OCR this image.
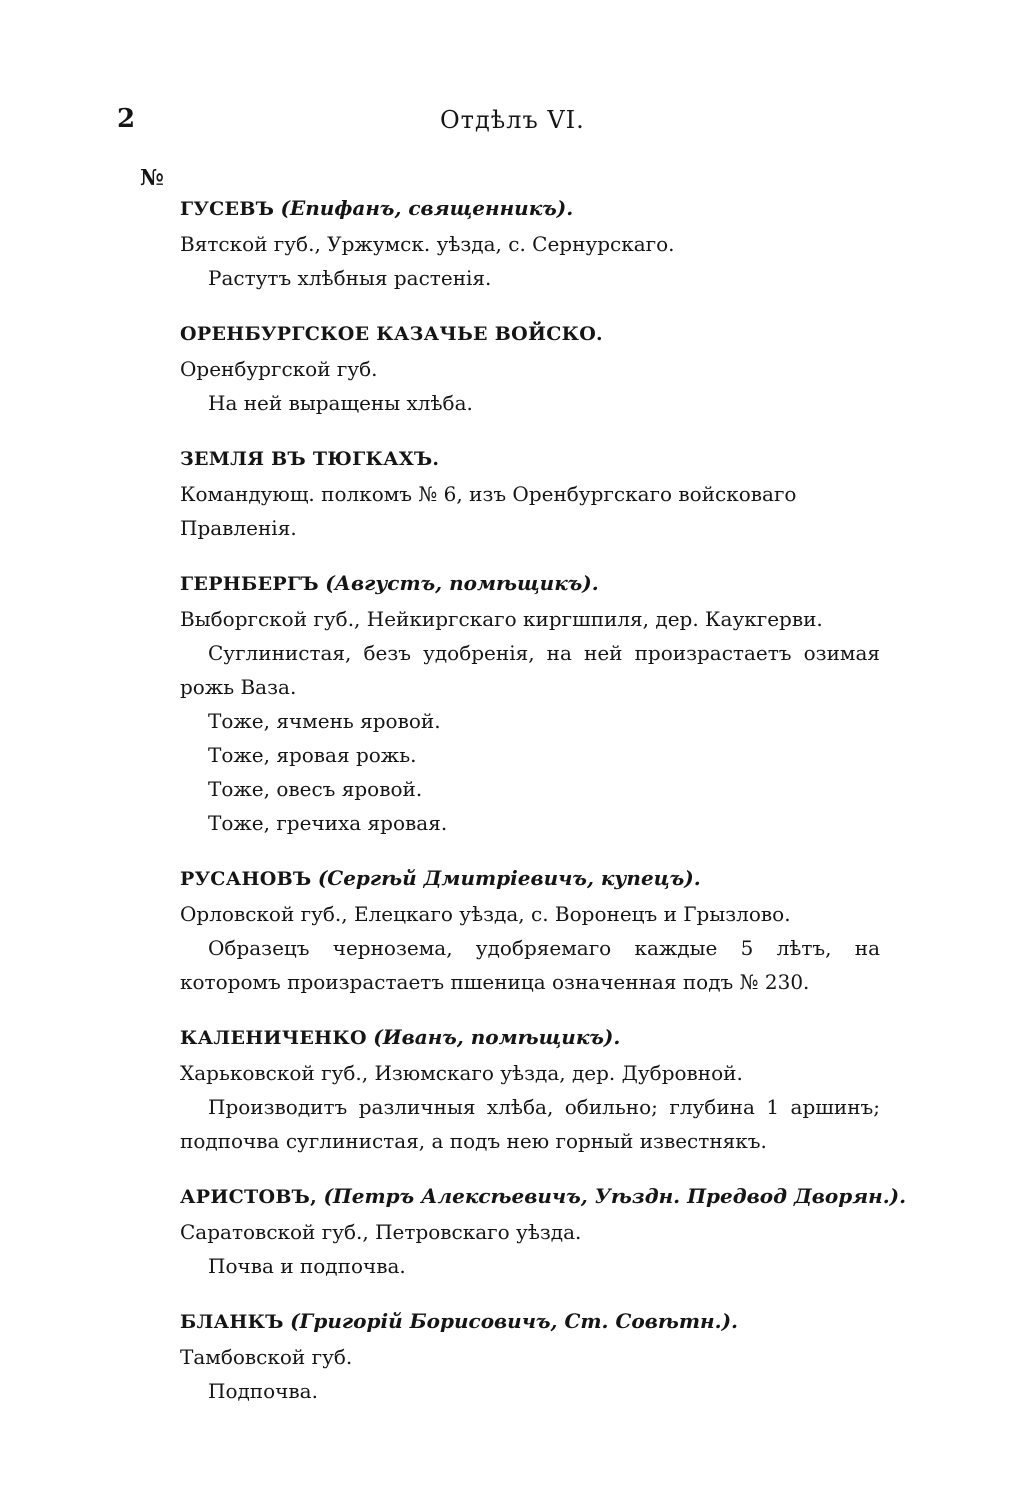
2	Отдѣлъ VI.
№
ГУСЕВЪ (Епифанъ, священникъ).
Вятской губ., Уржумск. уѣзда, с. Сернурскаго.
Растутъ хлѣбныя растенія.
ОРЕНБУРГСКОЕ КАЗАЧЬЕ ВОЙСКО.
Оренбургской губ.
На ней выращены хлѣба.
ЗЕМЛЯ ВЪ ТЮГКАХЪ.
Командующ. полкомъ № 6, изъ Оренбургскаго войсковаго Правленія.
ГЕРНБЕРГЪ (Августъ, помѣщикъ).
Выборгской губ., Нейкиргскаго киргшпиля, дер. Каукгерви.
Суглинистая, безъ удобренія, на ней произрастаетъ озимая рожь Ваза.
Тоже, ячмень яровой.
Тоже, яровая рожь.
Тоже, овесъ яровой.
Тоже, гречиха яровая.
РУСАНОВЪ (Сергѣй Дмитріевичъ, купецъ).
Орловской губ., Елецкаго уѣзда, с. Воронецъ и Грызлово.
Образецъ чернозема, удобряемаго каждые 5 лѣтъ, на которомъ произрастаетъ пшеница означенная подъ № 230.
КАЛЕНИЧЕНКО (Иванъ, помѣщикъ).
Харьковской губ., Изюмскаго уѣзда, дер. Дубровной.
Производитъ различныя хлѣба, обильно; глубина 1 аршинъ; подпочва суглинистая, а подъ нею горный известнякъ.
АРИСТОВЪ, (Петръ Алексѣевичъ, Уѣздн. Предвод Дворян.).
Саратовской губ., Петровскаго уѣзда.
Почва и подпочва.
БЛАНКЪ (Григорій Борисовичъ, Ст. Совѣтн.).
Тамбовской губ.
Подпочва.
